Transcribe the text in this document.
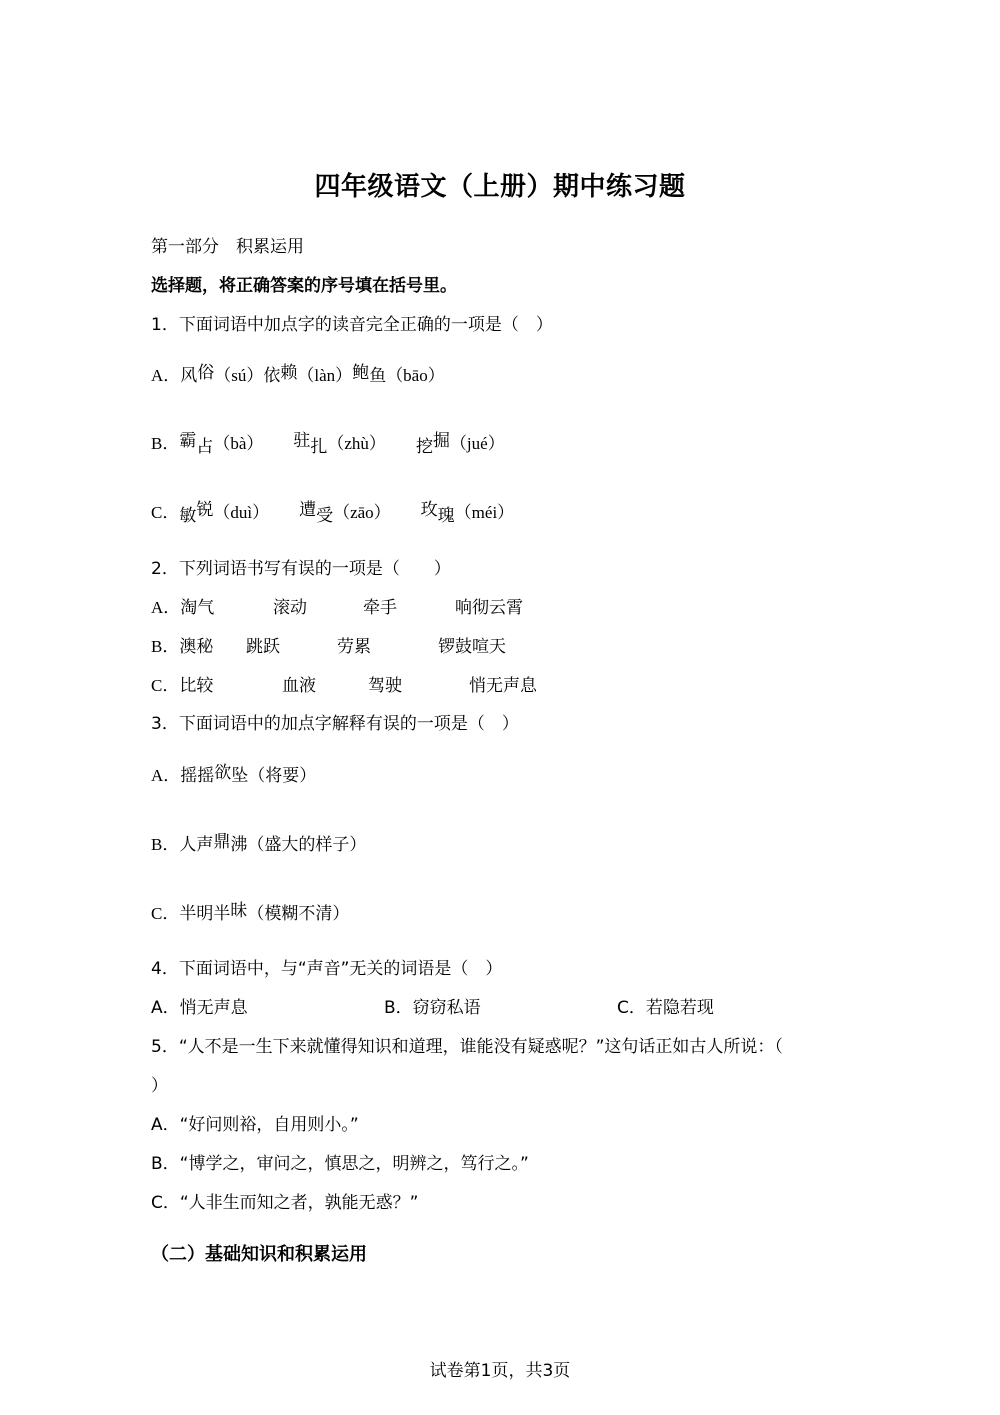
四年级语文（上册）期中练习题
第一部分　积累运用
选择题，将正确答案的序号填在括号里。
1．下面词语中加点字的读音完全正确的一项是（　）
A．风俗（sú）依赖（làn）鲍鱼（bāo）
B．霸占（bà） 驻扎（zhù） 挖掘（jué）
C．敏锐（duì） 遭受（zāo） 玫瑰（méi）
2．下列词语书写有误的一项是（　　）
A．淘气	滚动	牵手	响彻云霄
B．澳秘 跳跃	劳累	锣鼓喧天
C．比较	血液	驾驶	悄无声息
3．下面词语中的加点字解释有误的一项是（　）
A．摇摇欲坠（将要）
B．人声鼎沸（盛大的样子）
C．半明半昧（模糊不清）
4．下面词语中，与“声音”无关的词语是（　）
A．悄无声息	B．窃窃私语	C．若隐若现
5．“人不是一生下来就懂得知识和道理，谁能没有疑惑呢？”这句话正如古人所说：（
）
A．“好问则裕，自用则小。”
B．“博学之，审问之，慎思之，明辨之，笃行之。”
C．“人非生而知之者，孰能无惑？”
（二）基础知识和积累运用
试卷第1页，共3页
